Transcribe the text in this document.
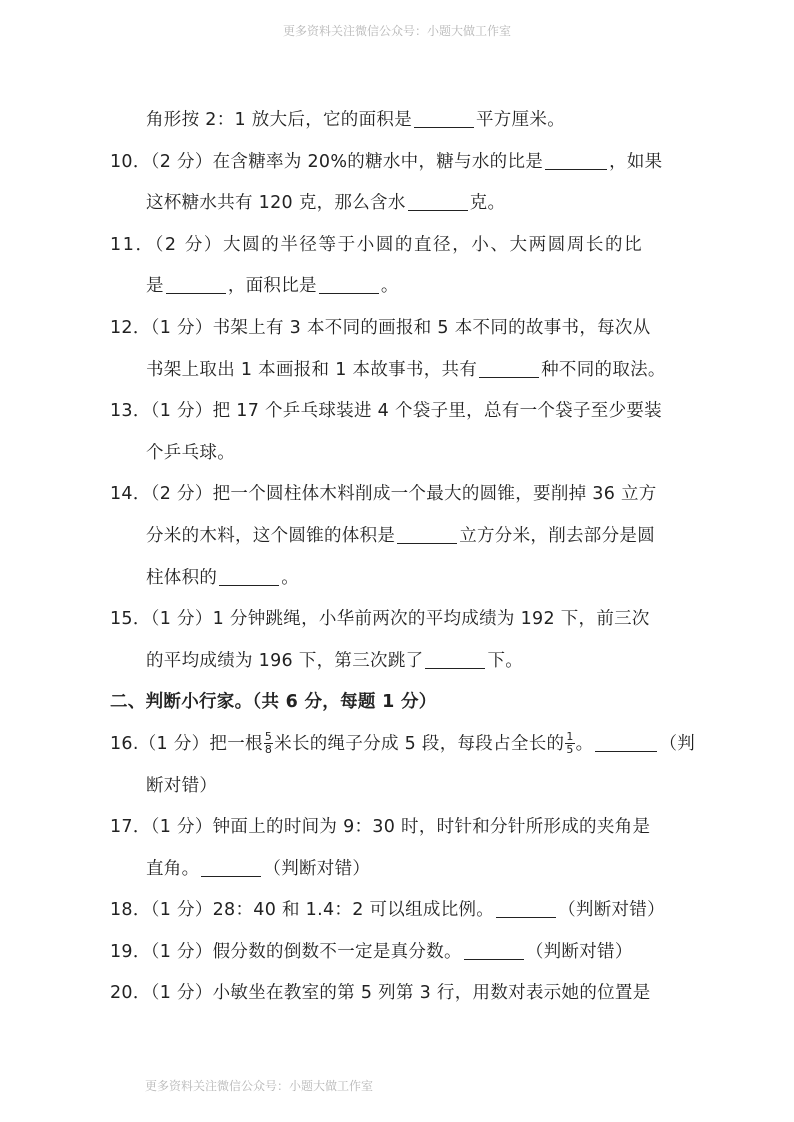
更多资料关注微信公众号：小题大做工作室
角形按 2：1 放大后，它的面积是	平方厘米。
10．（2 分）在含糖率为 20%的糖水中，糖与水的比是	，如果
这杯糖水共有 120 克，那么含水	克。
11．（2 分）大圆的半径等于小圆的直径，小、大两圆周长的比
是	，面积比是	。
12．（1 分）书架上有 3 本不同的画报和 5 本不同的故事书，每次从
书架上取出 1 本画报和 1 本故事书，共有	种不同的取法。
13．（1 分）把 17 个乒乓球装进 4 个袋子里，总有一个袋子至少要装
个乒乓球。
14．（2 分）把一个圆柱体木料削成一个最大的圆锥，要削掉 36 立方
分米的木料，这个圆锥的体积是	立方分米，削去部分是圆
柱体积的	。
15．（1 分）1 分钟跳绳，小华前两次的平均成绩为 192 下，前三次
的平均成绩为 196 下，第三次跳了	下。
二、判断小行家。（共 6 分，每题 1 分）
16.（1 分）把一根 $\frac{5}{8}$ 米长的绳子分成 5 段，每段占全长的 $\frac{1}{5}$ 。	（判
断对错）
17．（1 分）钟面上的时间为 9：30 时，时针和分针所形成的夹角是
直角。	（判断对错）
18．（1 分）28：40 和 1.4：2 可以组成比例。	（判断对错）
19．（1 分）假分数的倒数不一定是真分数。	（判断对错）
20．（1 分）小敏坐在教室的第 5 列第 3 行，用数对表示她的位置是
更多资料关注微信公众号：小题大做工作室
